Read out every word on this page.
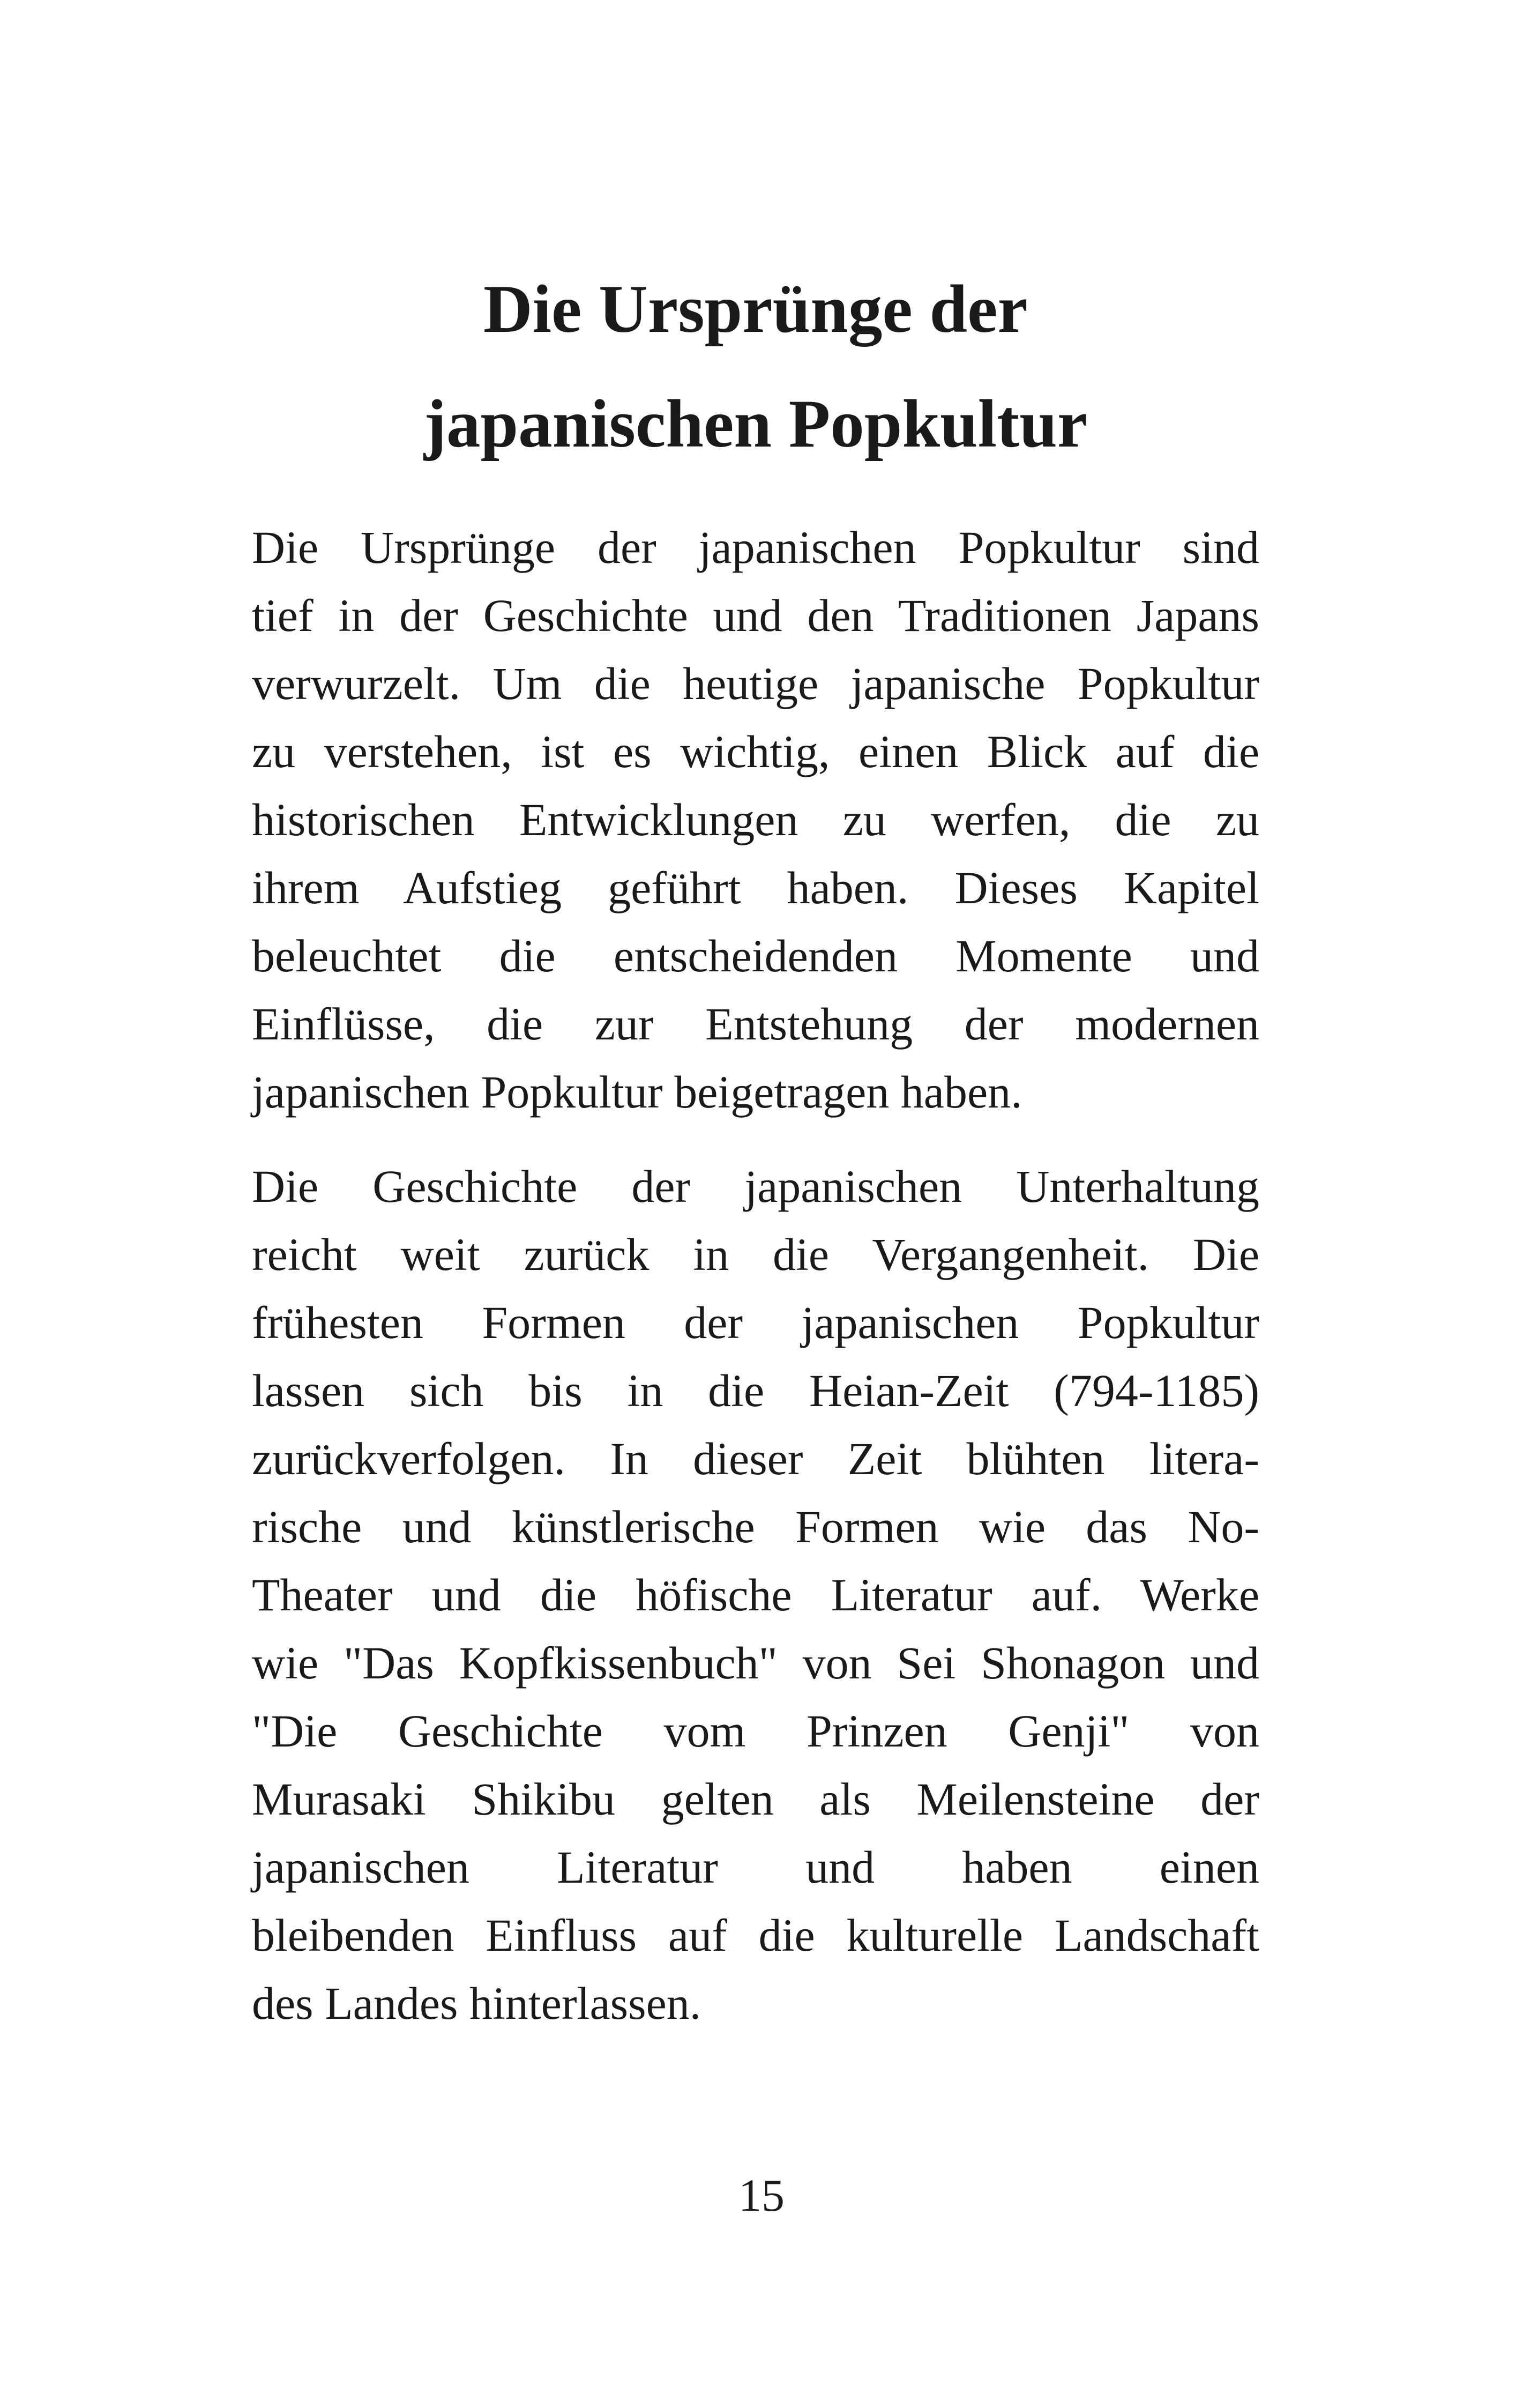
Die Ursprünge der
japanischen Popkultur

Die Ursprünge der japanischen Popkultur sind
tief in der Geschichte und den Traditionen Japans
verwurzelt. Um die heutige japanische Popkultur
zu verstehen, ist es wichtig, einen Blick auf die
historischen Entwicklungen zu werfen, die zu
ihrem Aufstieg geführt haben. Dieses Kapitel
beleuchtet die entscheidenden Momente und
Einflüsse, die zur Entstehung der modernen
japanischen Popkultur beigetragen haben.

Die Geschichte der japanischen Unterhaltung
reicht weit zurück in die Vergangenheit. Die
frühesten Formen der japanischen Popkultur
lassen sich bis in die Heian-Zeit (794-1185)
zurückverfolgen. In dieser Zeit blühten litera-
rische und künstlerische Formen wie das No-
Theater und die höfische Literatur auf. Werke
wie "Das Kopfkissenbuch" von Sei Shonagon und
"Die Geschichte vom Prinzen Genji" von
Murasaki Shikibu gelten als Meilensteine der
japanischen Literatur und haben einen
bleibenden Einfluss auf die kulturelle Landschaft
des Landes hinterlassen.

15
